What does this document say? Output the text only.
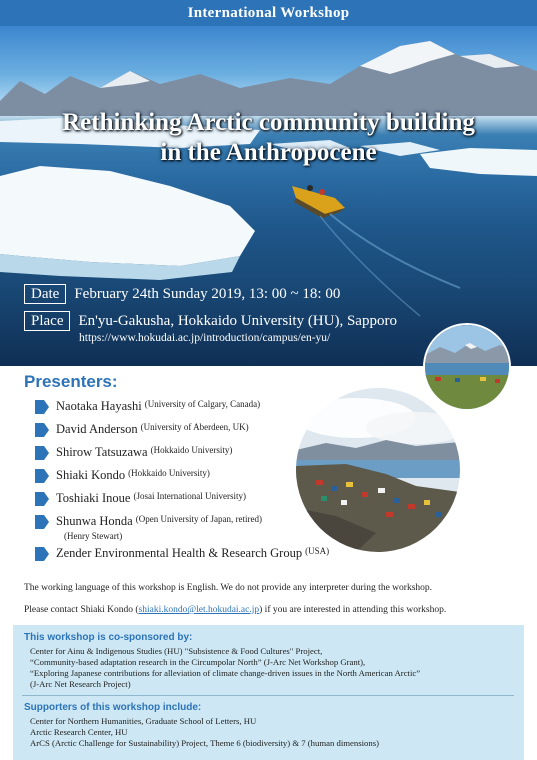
International Workshop
Rethinking Arctic community building
in the Anthropocene
Date	February 24th Sunday 2019, 13: 00 ~ 18: 00
Place	En'yu-Gakusha, Hokkaido University (HU), Sapporo
https://www.hokudai.ac.jp/introduction/campus/en-yu/
Presenters:
Naotaka Hayashi (University of Calgary, Canada)
David Anderson (University of Aberdeen, UK)
Shirow Tatsuzawa (Hokkaido University)
Shiaki Kondo (Hokkaido University)
Toshiaki Inoue (Josai International University)
Shunwa Honda (Open University of Japan, retired)
(Henry Stewart)
Zender Environmental Health & Research Group (USA)
The working language of this workshop is English. We do not provide any interpreter during the workshop.
Please contact Shiaki Kondo (shiaki.kondo@let.hokudai.ac.jp) if you are interested in attending this workshop.
This workshop is co-sponsored by:
Center for Ainu & Indigenous Studies (HU) "Subsistence & Food Cultures" Project,
“Community-based adaptation research in the Circumpolar North” (J-Arc Net Workshop Grant),
“Exploring Japanese contributions for alleviation of climate change-driven issues in the North American Arctic”
(J-Arc Net Research Project)
Supporters of this workshop include:
Center for Northern Humanities, Graduate School of Letters, HU
Arctic Research Center, HU
ArCS (Arctic Challenge for Sustainability) Project, Theme 6 (biodiversity) & 7 (human dimensions)
